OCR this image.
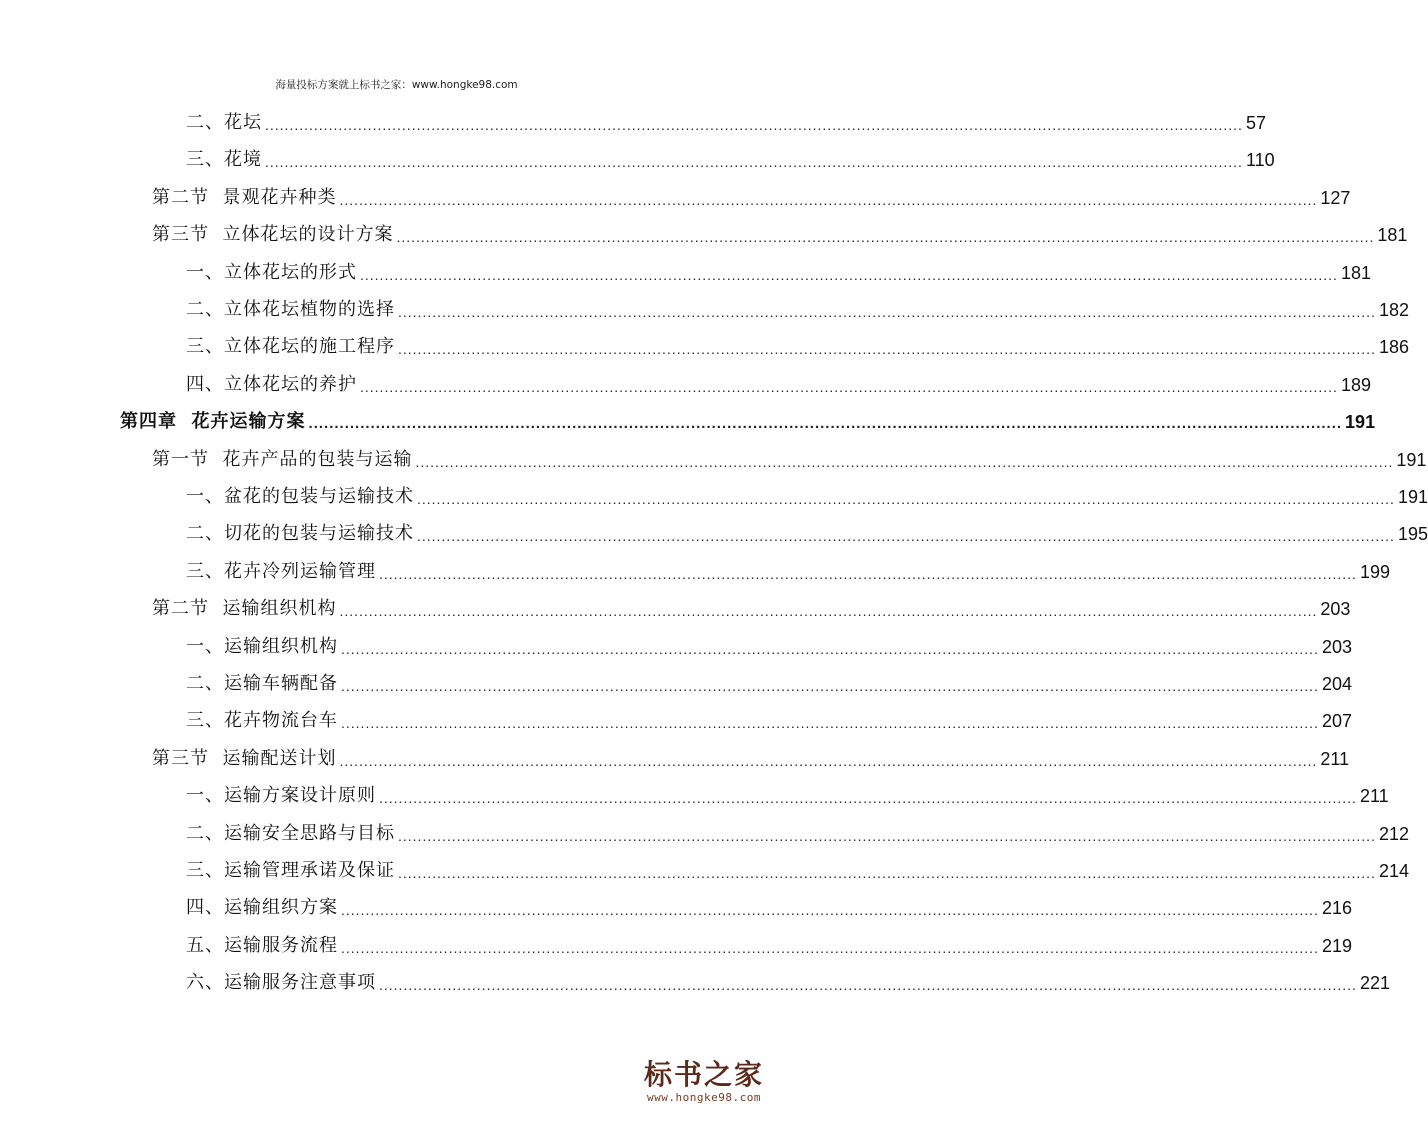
海量投标方案就上标书之家：www.hongke98.com
二、花坛 ........................................................................................................................................................................................................ 57
三、花境 ........................................................................................................................................................................................................ 110
第二节  景观花卉种类 ........................................................................................................................................................................................................ 127
第三节  立体花坛的设计方案 ........................................................................................................................................................................................................ 181
一、立体花坛的形式 ........................................................................................................................................................................................................ 181
二、立体花坛植物的选择 ........................................................................................................................................................................................................ 182
三、立体花坛的施工程序 ........................................................................................................................................................................................................ 186
四、立体花坛的养护 ........................................................................................................................................................................................................ 189
第四章  花卉运输方案 ........................................................................................................................................................................................................ 191
第一节  花卉产品的包装与运输 ........................................................................................................................................................................................................ 191
一、盆花的包装与运输技术 ........................................................................................................................................................................................................ 191
二、切花的包装与运输技术 ........................................................................................................................................................................................................ 195
三、花卉冷列运输管理 ........................................................................................................................................................................................................ 199
第二节  运输组织机构 ........................................................................................................................................................................................................ 203
一、运输组织机构 ........................................................................................................................................................................................................ 203
二、运输车辆配备 ........................................................................................................................................................................................................ 204
三、花卉物流台车 ........................................................................................................................................................................................................ 207
第三节  运输配送计划 ........................................................................................................................................................................................................ 211
一、运输方案设计原则 ........................................................................................................................................................................................................ 211
二、运输安全思路与目标 ........................................................................................................................................................................................................ 212
三、运输管理承诺及保证 ........................................................................................................................................................................................................ 214
四、运输组织方案 ........................................................................................................................................................................................................ 216
五、运输服务流程 ........................................................................................................................................................................................................ 219
六、运输服务注意事项 ........................................................................................................................................................................................................ 221
标书之家
www.hongke98.com
